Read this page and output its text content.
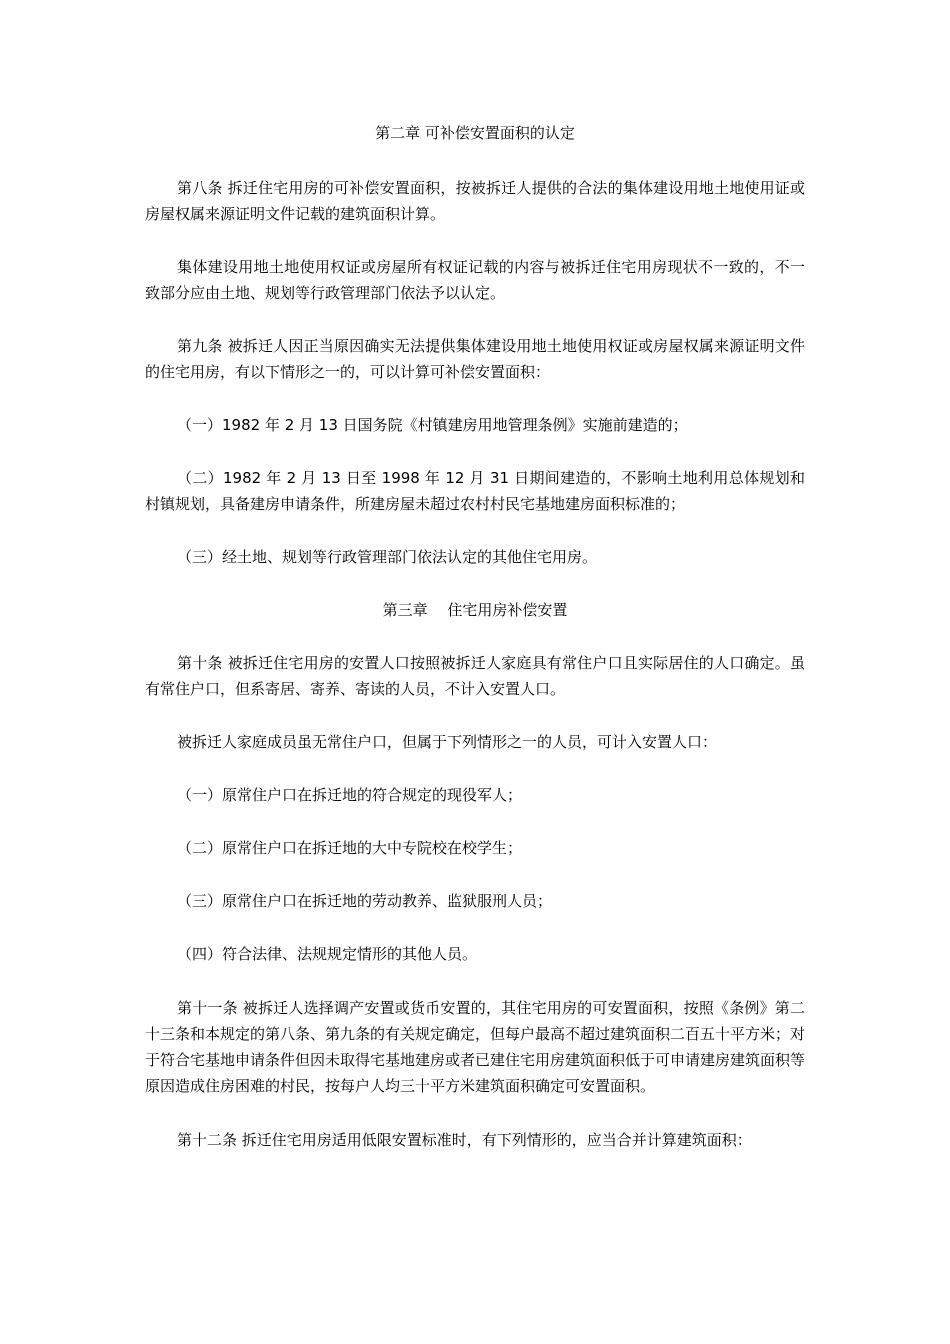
第二章 可补偿安置面积的认定

第八条 拆迁住宅用房的可补偿安置面积，按被拆迁人提供的合法的集体建设用地土地使用证或房屋权属来源证明文件记载的建筑面积计算。

集体建设用地土地使用权证或房屋所有权证记载的内容与被拆迁住宅用房现状不一致的，不一致部分应由土地、规划等行政管理部门依法予以认定。

第九条 被拆迁人因正当原因确实无法提供集体建设用地土地使用权证或房屋权属来源证明文件的住宅用房，有以下情形之一的，可以计算可补偿安置面积：

（一）1982 年 2 月 13 日国务院《村镇建房用地管理条例》实施前建造的；

（二）1982 年 2 月 13 日至 1998 年 12 月 31 日期间建造的，不影响土地利用总体规划和村镇规划，具备建房申请条件，所建房屋未超过农村村民宅基地建房面积标准的；

（三）经土地、规划等行政管理部门依法认定的其他住宅用房。

第三章　 住宅用房补偿安置

第十条 被拆迁住宅用房的安置人口按照被拆迁人家庭具有常住户口且实际居住的人口确定。虽有常住户口，但系寄居、寄养、寄读的人员，不计入安置人口。

被拆迁人家庭成员虽无常住户口，但属于下列情形之一的人员，可计入安置人口：

（一）原常住户口在拆迁地的符合规定的现役军人；

（二）原常住户口在拆迁地的大中专院校在校学生；

（三）原常住户口在拆迁地的劳动教养、监狱服刑人员；

（四）符合法律、法规规定情形的其他人员。

第十一条 被拆迁人选择调产安置或货币安置的，其住宅用房的可安置面积，按照《条例》第二十三条和本规定的第八条、第九条的有关规定确定，但每户最高不超过建筑面积二百五十平方米；对于符合宅基地申请条件但因未取得宅基地建房或者已建住宅用房建筑面积低于可申请建房建筑面积等原因造成住房困难的村民，按每户人均三十平方米建筑面积确定可安置面积。

第十二条 拆迁住宅用房适用低限安置标准时，有下列情形的，应当合并计算建筑面积：
